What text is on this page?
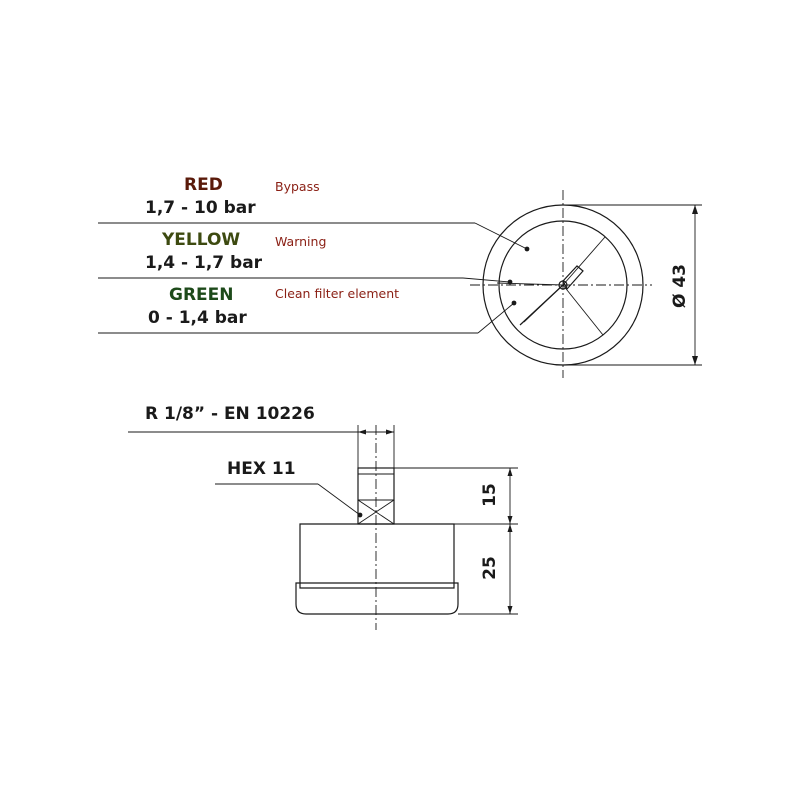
RED
1,7 - 10 bar
Bypass
YELLOW
1,4 - 1,7 bar
Warning
GREEN
0 - 1,4 bar
Clean filter element	Ø 43
R 1/8” - EN 10226
HEX 11
15
25
